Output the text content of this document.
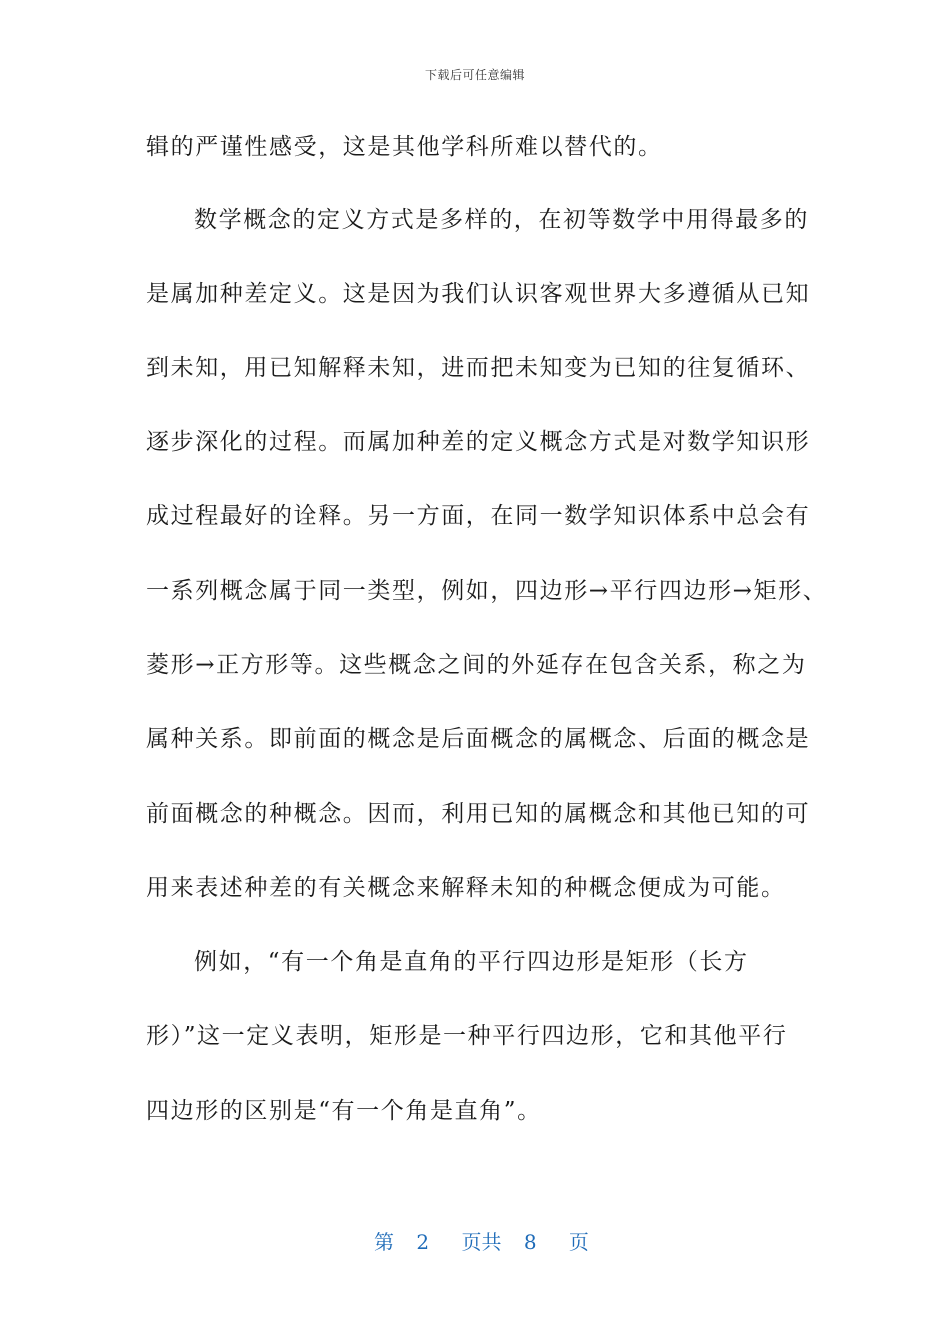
下载后可任意编辑
辑的严谨性感受，这是其他学科所难以替代的。
数学概念的定义方式是多样的，在初等数学中用得最多的
是属加种差定义。这是因为我们认识客观世界大多遵循从已知
到未知，用已知解释未知，进而把未知变为已知的往复循环、
逐步深化的过程。而属加种差的定义概念方式是对数学知识形
成过程最好的诠释。另一方面，在同一数学知识体系中总会有
一系列概念属于同一类型，例如，四边形→平行四边形→矩形、
菱形→正方形等。这些概念之间的外延存在包含关系，称之为
属种关系。即前面的概念是后面概念的属概念、后面的概念是
前面概念的种概念。因而，利用已知的属概念和其他已知的可
用来表述种差的有关概念来解释未知的种概念便成为可能。
例如，“有一个角是直角的平行四边形是矩形（长方
形）”这一定义表明，矩形是一种平行四边形，它和其他平行
四边形的区别是“有一个角是直角”。
第 2 页共 8 页
